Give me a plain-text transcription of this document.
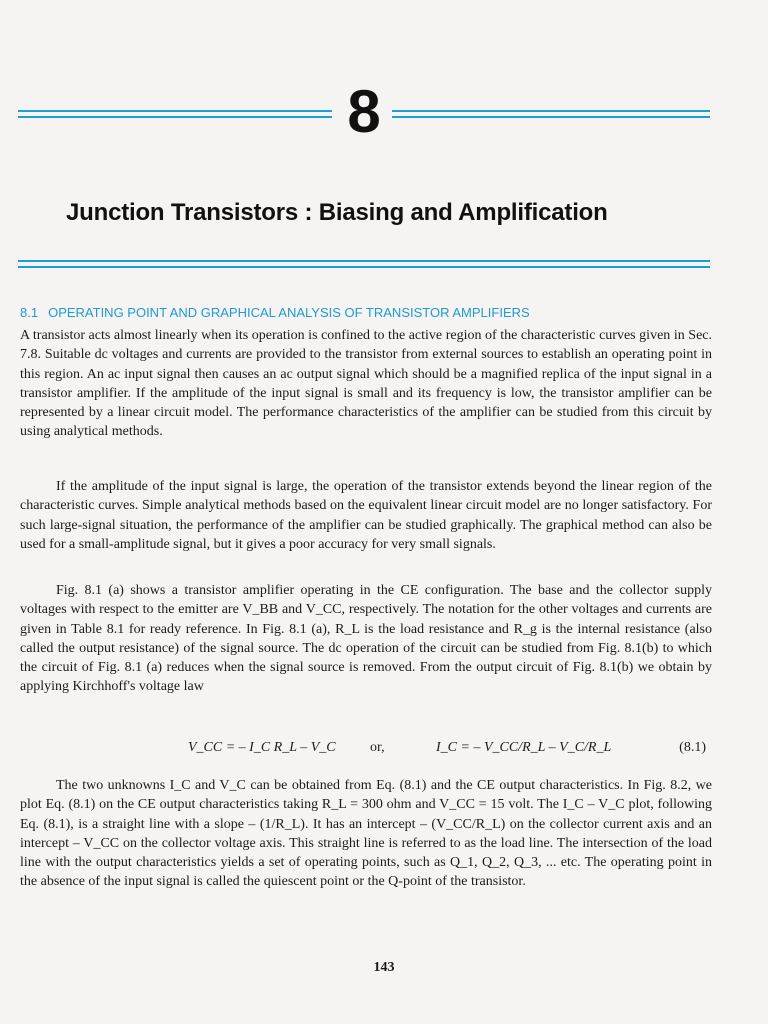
8
Junction Transistors : Biasing and Amplification
8.1 OPERATING POINT AND GRAPHICAL ANALYSIS OF TRANSISTOR AMPLIFIERS

A transistor acts almost linearly when its operation is confined to the active region of the characteristic curves given in Sec. 7.8. Suitable dc voltages and currents are provided to the transistor from external sources to establish an operating point in this region. An ac input signal then causes an ac output signal which should be a magnified replica of the input signal in a transistor amplifier. If the amplitude of the input signal is small and its frequency is low, the transistor amplifier can be represented by a linear circuit model. The performance characteristics of the amplifier can be studied from this circuit by using analytical methods.

If the amplitude of the input signal is large, the operation of the transistor extends beyond the linear region of the characteristic curves. Simple analytical methods based on the equivalent linear circuit model are no longer satisfactory. For such large-signal situation, the performance of the amplifier can be studied graphically. The graphical method can also be used for a small-amplitude signal, but it gives a poor accuracy for very small signals.

Fig. 8.1 (a) shows a transistor amplifier operating in the CE configuration. The base and the collector supply voltages with respect to the emitter are V_BB and V_CC, respectively. The notation for the other voltages and currents are given in Table 8.1 for ready reference. In Fig. 8.1 (a), R_L is the load resistance and R_g is the internal resistance (also called the output resistance) of the signal source. The dc operation of the circuit can be studied from Fig. 8.1(b) to which the circuit of Fig. 8.1 (a) reduces when the signal source is removed. From the output circuit of Fig. 8.1(b) we obtain by applying Kirchhoff's voltage law

V_CC = – I_C R_L – V_C or,	I_C = – V_CC/R_L – V_C/R_L	(8.1)

The two unknowns I_C and V_C can be obtained from Eq. (8.1) and the CE output characteristics. In Fig. 8.2, we plot Eq. (8.1) on the CE output characteristics taking R_L = 300 ohm and V_CC = 15 volt. The I_C – V_C plot, following Eq. (8.1), is a straight line with a slope – (1/R_L). It has an intercept – (V_CC/R_L) on the collector current axis and an intercept – V_CC on the collector voltage axis. This straight line is referred to as the load line. The intersection of the load line with the output characteristics yields a set of operating points, such as Q_1, Q_2, Q_3, ... etc. The operating point in the absence of the input signal is called the quiescent point or the Q-point of the transistor.

143
